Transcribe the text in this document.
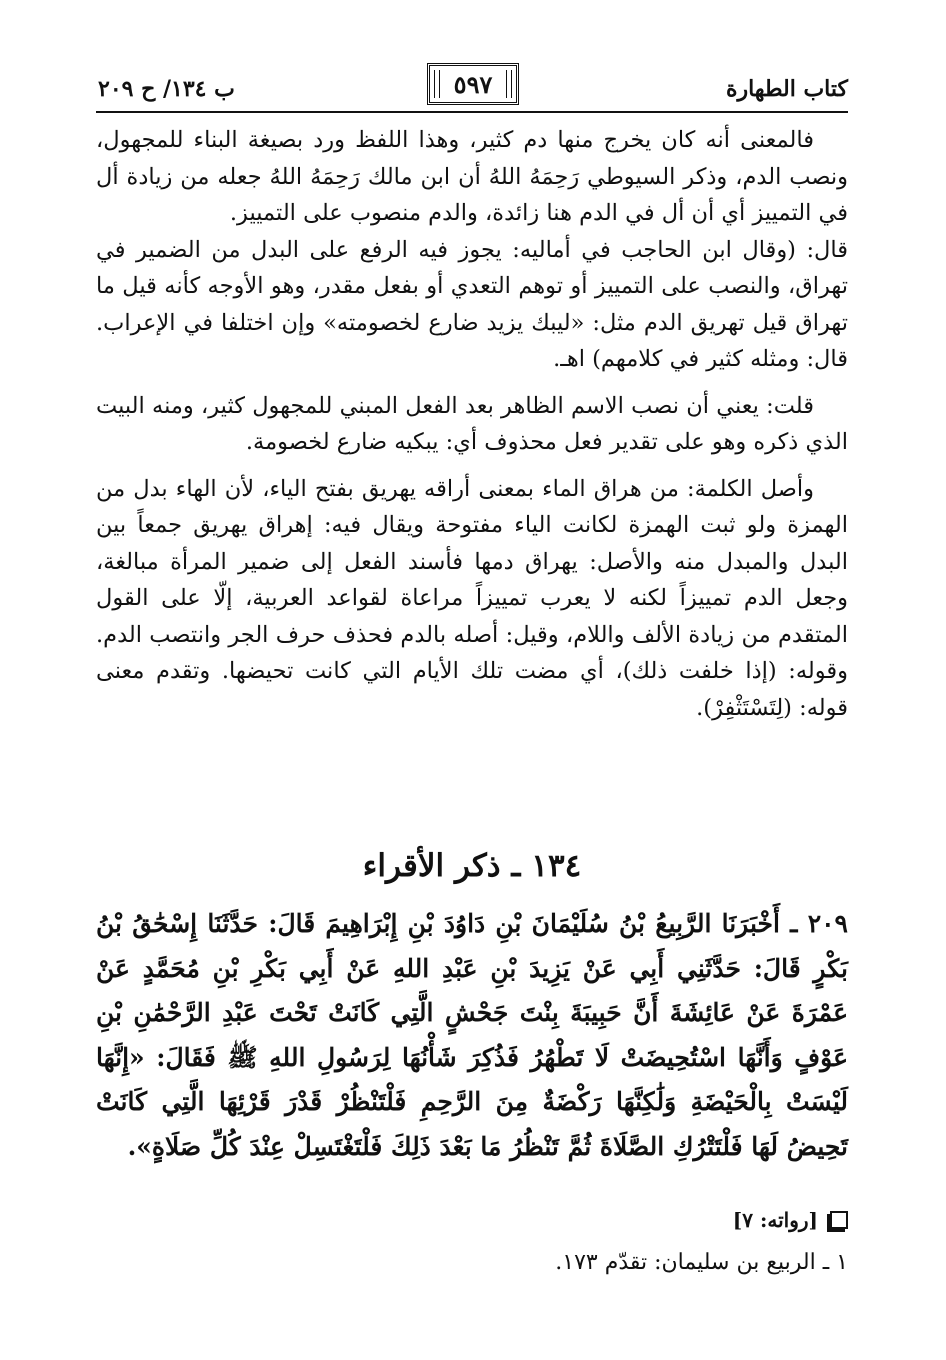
كتاب الطهارة
٥٩٧
ب ١٣٤/ ح ٢٠٩

فالمعنى أنه كان يخرج منها دم كثير، وهذا اللفظ ورد بصيغة البناء للمجهول، ونصب الدم، وذكر السيوطي رَحِمَهُ اللهُ أن ابن مالك رَحِمَهُ اللهُ جعله من زيادة أل في التمييز أي أن أل في الدم هنا زائدة، والدم منصوب على التمييز.

قال: (وقال ابن الحاجب في أماليه: يجوز فيه الرفع على البدل من الضمير في تهراق، والنصب على التمييز أو توهم التعدي أو بفعل مقدر، وهو الأوجه كأنه قيل ما تهراق قيل تهريق الدم مثل: «ليبك يزيد ضارع لخصومته» وإن اختلفا في الإعراب. قال: ومثله كثير في كلامهم) اهـ.

قلت: يعني أن نصب الاسم الظاهر بعد الفعل المبني للمجهول كثير، ومنه البيت الذي ذكره وهو على تقدير فعل محذوف أي: يبكيه ضارع لخصومة.

وأصل الكلمة: من هراق الماء بمعنى أراقه يهريق بفتح الياء، لأن الهاء بدل من الهمزة ولو ثبت الهمزة لكانت الياء مفتوحة ويقال فيه: إهراق يهريق جمعاً بين البدل والمبدل منه والأصل: يهراق دمها فأسند الفعل إلى ضمير المرأة مبالغة، وجعل الدم تمييزاً لكنه لا يعرب تمييزاً مراعاة لقواعد العربية، إلّا على القول المتقدم من زيادة الألف واللام، وقيل: أصله بالدم فحذف حرف الجر وانتصب الدم. وقوله: (إذا خلفت ذلك)، أي مضت تلك الأيام التي كانت تحيضها. وتقدم معنى قوله: (لِتَسْتَثْفِرْ).

١٣٤ ـ ذكر الأقراء

٢٠٩ ـ أَخْبَرَنَا الرَّبِيعُ بْنُ سُلَيْمَانَ بْنِ دَاوُدَ بْنِ إِبْرَاهِيمَ قَالَ: حَدَّثَنَا إِسْحَٰقُ بْنُ بَكْرٍ قَالَ: حَدَّثَنِي أَبِي عَنْ يَزِيدَ بْنِ عَبْدِ اللهِ عَنْ أَبِي بَكْرِ بْنِ مُحَمَّدٍ عَنْ عَمْرَةَ عَنْ عَائِشَةَ أَنَّ حَبِيبَةَ بِنْتَ جَحْشٍ الَّتِي كَانَتْ تَحْتَ عَبْدِ الرَّحْمَٰنِ بْنِ عَوْفٍ وَأَنَّهَا اسْتُحِيضَتْ لَا تَطْهُرُ فَذُكِرَ شَأْنُهَا لِرَسُولِ اللهِ ﷺ فَقَالَ: «إِنَّهَا لَيْسَتْ بِالْحَيْضَةِ وَلَٰكِنَّهَا رَكْضَةٌ مِنَ الرَّحِمِ فَلْتَنْظُرْ قَدْرَ قَرْئِهَا الَّتِي كَانَتْ تَحِيضُ لَهَا فَلْتَتْرُكِ الصَّلَاةَ ثُمَّ تَنْظُرُ مَا بَعْدَ ذَلِكَ فَلْتَغْتَسِلْ عِنْدَ كُلِّ صَلَاةٍ».

[رواته: ٧]
١ ـ الربيع بن سليمان: تقدّم ١٧٣.
